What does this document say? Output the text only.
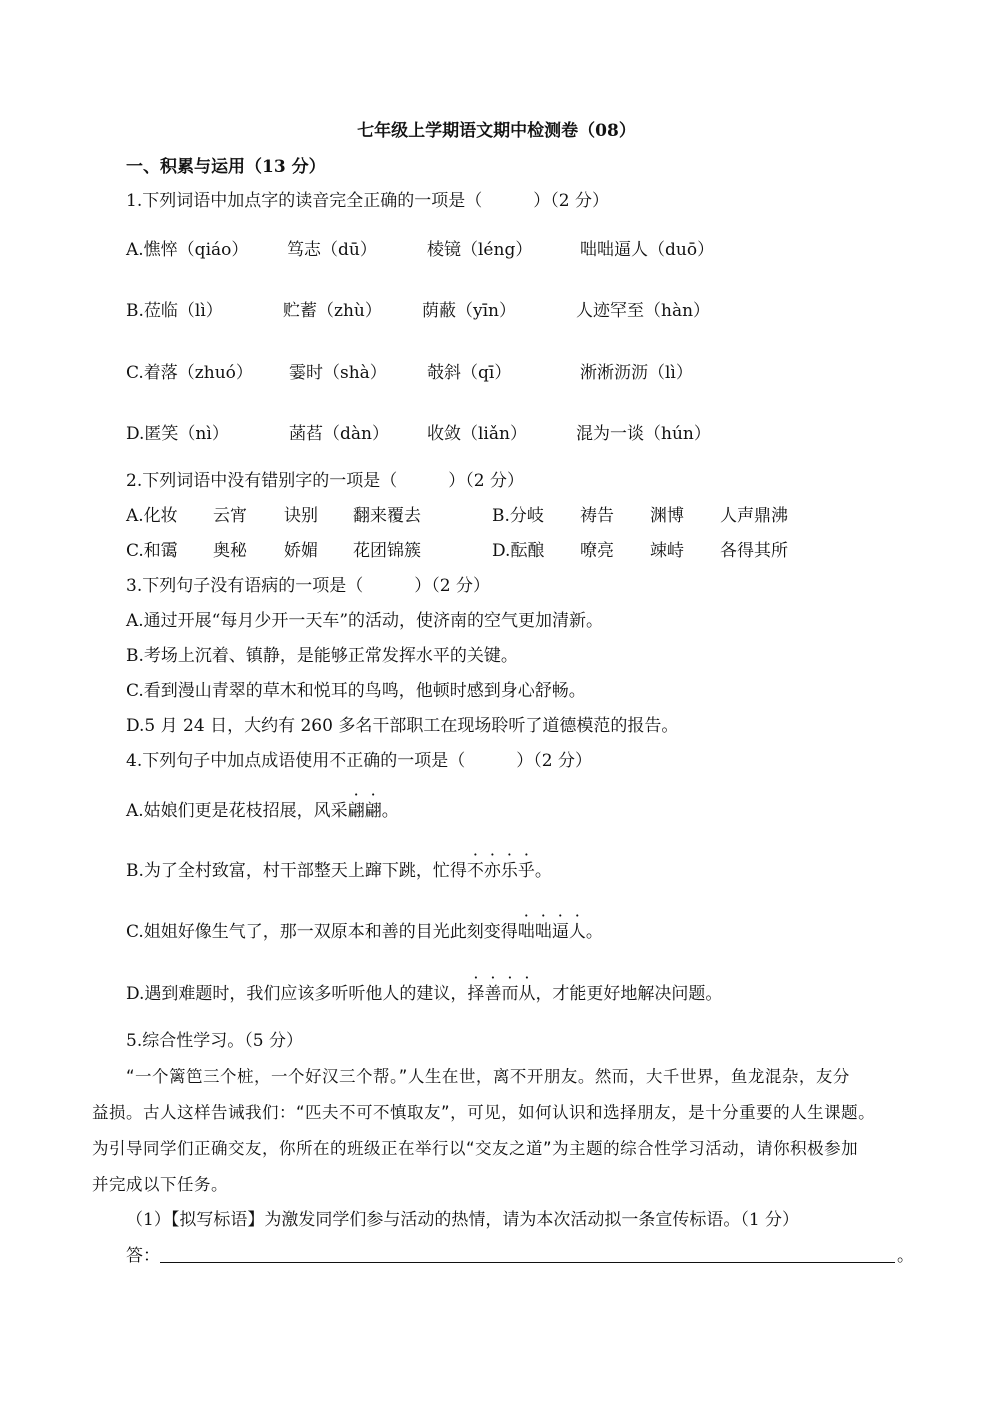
七年级上学期语文期中检测卷（08）
一、积累与运用（13 分）
1.下列词语中加点字的读音完全正确的一项是（　　　）（2 分）
A.憔悴（qiáo） 笃志（dū）	棱镜（léng）	咄咄逼人（duō）
B.莅临（lì）	贮蓄（zhù） 荫蔽（yīn）	人迹罕至（hàn）
C.着落（zhuó） 霎时（shà） 攲斜（qī）	淅淅沥沥（lì）
D.匿笑（nì）	菡萏（dàn） 收敛（liǎn）	混为一谈（hún）
2.下列词语中没有错别字的一项是（　　　）（2 分）
A.化妆 云宵 诀别 翻来覆去	B.分岐 祷告 渊博 人声鼎沸
C.和霭 奥秘 娇媚 花团锦簇	D.酝酿 嘹亮 竦峙 各得其所
3.下列句子没有语病的一项是（　　　）（2 分）
A.通过开展“每月少开一天车”的活动，使济南的空气更加清新。
B.考场上沉着、镇静，是能够正常发挥水平的关键。
C.看到漫山青翠的草木和悦耳的鸟鸣，他顿时感到身心舒畅。
D.5 月 24 日，大约有 260 多名干部职工在现场聆听了道德模范的报告。
4.下列句子中加点成语使用不正确的一项是（　　　）（2 分）
A.姑娘们更是花枝招展，风采翩翩。
B.为了全村致富，村干部整天上蹿下跳，忙得不亦乐乎。
C.姐姐好像生气了，那一双原本和善的目光此刻变得咄咄逼人。
D.遇到难题时，我们应该多听听他人的建议，择善而从，才能更好地解决问题。
5.综合性学习。（5 分）
“一个篱笆三个桩，一个好汉三个帮。”人生在世，离不开朋友。然而，大千世界，鱼龙混杂，友分
益损。古人这样告诫我们：“匹夫不可不慎取友”，可见，如何认识和选择朋友，是十分重要的人生课题。
为引导同学们正确交友，你所在的班级正在举行以“交友之道”为主题的综合性学习活动，请你积极参加
并完成以下任务。
（1）【拟写标语】为激发同学们参与活动的热情，请为本次活动拟一条宣传标语。（1 分）
答：	。
